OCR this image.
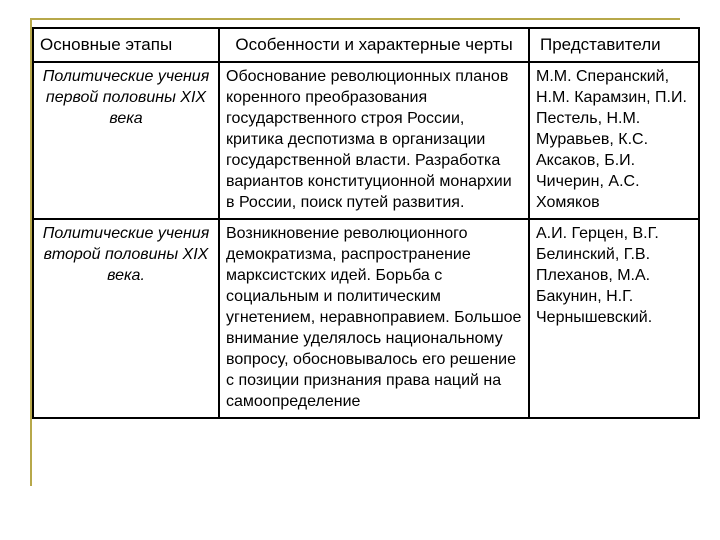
Основные этапы	Особенности и характерные черты	Представители
Политические учения первой половины XIX века	Обоснование революционных планов коренного преобразования государственного строя России, критика деспотизма в организации государственной власти. Разработка вариантов конституционной монархии в России, поиск путей развития.	М.М. Сперанский, Н.М. Карамзин, П.И. Пестель, Н.М. Муравьев, К.С. Аксаков, Б.И. Чичерин, А.С. Хомяков
Политические учения второй половины XIX века.	Возникновение революционного демократизма, распространение марксистских идей. Борьба с социальным и политическим угнетением, неравноправием. Большое внимание уделялось национальному вопросу, обосновывалось его решение с позиции признания права наций на самоопределение	А.И. Герцен, В.Г. Белинский, Г.В. Плеханов, М.А. Бакунин, Н.Г. Чернышевский.
